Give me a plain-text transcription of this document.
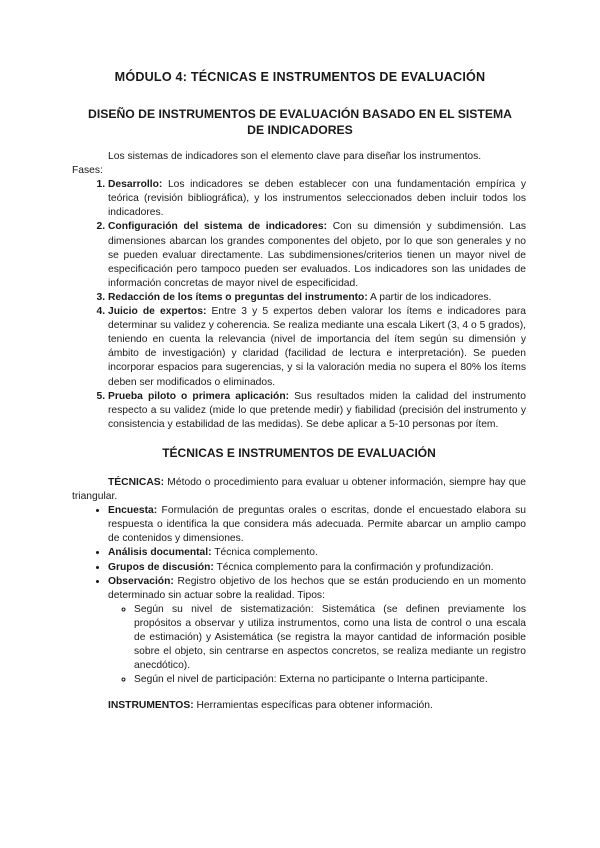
MÓDULO 4: TÉCNICAS E INSTRUMENTOS DE EVALUACIÓN
DISEÑO DE INSTRUMENTOS DE EVALUACIÓN BASADO EN EL SISTEMA DE INDICADORES

Los sistemas de indicadores son el elemento clave para diseñar los instrumentos.

Fases:

1. Desarrollo: Los indicadores se deben establecer con una fundamentación empírica y teórica (revisión bibliográfica), y los instrumentos seleccionados deben incluir todos los indicadores.
2. Configuración del sistema de indicadores: Con su dimensión y subdimensión. Las dimensiones abarcan los grandes componentes del objeto, por lo que son generales y no se pueden evaluar directamente. Las subdimensiones/criterios tienen un mayor nivel de especificación pero tampoco pueden ser evaluados. Los indicadores son las unidades de información concretas de mayor nivel de especificidad.
3. Redacción de los ítems o preguntas del instrumento: A partir de los indicadores.
4. Juicio de expertos: Entre 3 y 5 expertos deben valorar los ítems e indicadores para determinar su validez y coherencia. Se realiza mediante una escala Likert (3, 4 o 5 grados), teniendo en cuenta la relevancia (nivel de importancia del ítem según su dimensión y ámbito de investigación) y claridad (facilidad de lectura e interpretación). Se pueden incorporar espacios para sugerencias, y si la valoración media no supera el 80% los ítems deben ser modificados o eliminados.
5. Prueba piloto o primera aplicación: Sus resultados miden la calidad del instrumento respecto a su validez (mide lo que pretende medir) y fiabilidad (precisión del instrumento y consistencia y estabilidad de las medidas). Se debe aplicar a 5-10 personas por ítem.
TÉCNICAS E INSTRUMENTOS DE EVALUACIÓN

TÉCNICAS: Método o procedimiento para evaluar u obtener información, siempre hay que triangular.

• Encuesta: Formulación de preguntas orales o escritas, donde el encuestado elabora su respuesta o identifica la que considera más adecuada. Permite abarcar un amplio campo de contenidos y dimensiones.
• Análisis documental: Técnica complemento.
• Grupos de discusión: Técnica complemento para la confirmación y profundización.
• Observación: Registro objetivo de los hechos que se están produciendo en un momento determinado sin actuar sobre la realidad. Tipos:
◦ Según su nivel de sistematización: Sistemática (se definen previamente los propósitos a observar y utiliza instrumentos, como una lista de control o una escala de estimación) y Asistemática (se registra la mayor cantidad de información posible sobre el objeto, sin centrarse en aspectos concretos, se realiza mediante un registro anecdótico).
◦ Según el nivel de participación: Externa no participante o Interna participante.

INSTRUMENTOS: Herramientas específicas para obtener información.
